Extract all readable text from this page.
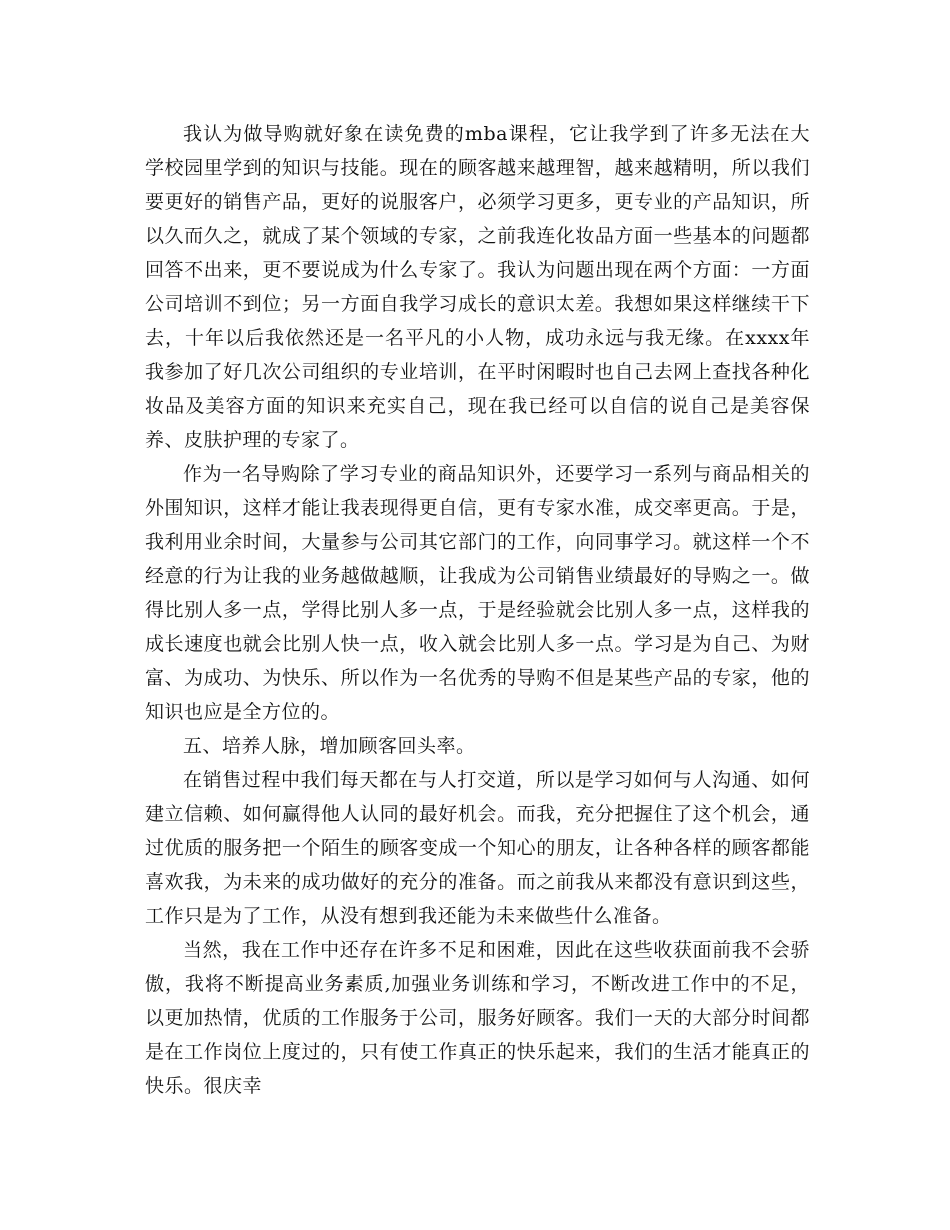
我认为做导购就好象在读免费的mba课程，它让我学到了许多无法在大学校园里学到的知识与技能。现在的顾客越来越理智，越来越精明，所以我们要更好的销售产品，更好的说服客户，必须学习更多，更专业的产品知识，所以久而久之，就成了某个领域的专家，之前我连化妆品方面一些基本的问题都回答不出来，更不要说成为什么专家了。我认为问题出现在两个方面：一方面公司培训不到位；另一方面自我学习成长的意识太差。我想如果这样继续干下去，十年以后我依然还是一名平凡的小人物，成功永远与我无缘。在xxxx年我参加了好几次公司组织的专业培训，在平时闲暇时也自己去网上查找各种化妆品及美容方面的知识来充实自己，现在我已经可以自信的说自己是美容保养、皮肤护理的专家了。

作为一名导购除了学习专业的商品知识外，还要学习一系列与商品相关的外围知识，这样才能让我表现得更自信，更有专家水准，成交率更高。于是，我利用业余时间，大量参与公司其它部门的工作，向同事学习。就这样一个不经意的行为让我的业务越做越顺，让我成为公司销售业绩最好的导购之一。做得比别人多一点，学得比别人多一点，于是经验就会比别人多一点，这样我的成长速度也就会比别人快一点，收入就会比别人多一点。学习是为自己、为财富、为成功、为快乐、所以作为一名优秀的导购不但是某些产品的专家，他的知识也应是全方位的。

五、培养人脉，增加顾客回头率。

在销售过程中我们每天都在与人打交道，所以是学习如何与人沟通、如何建立信赖、如何赢得他人认同的最好机会。而我，充分把握住了这个机会，通过优质的服务把一个陌生的顾客变成一个知心的朋友，让各种各样的顾客都能喜欢我，为未来的成功做好的充分的准备。而之前我从来都没有意识到这些，工作只是为了工作，从没有想到我还能为未来做些什么准备。

当然，我在工作中还存在许多不足和困难，因此在这些收获面前我不会骄傲，我将不断提高业务素质,加强业务训练和学习，不断改进工作中的不足，以更加热情，优质的工作服务于公司，服务好顾客。我们一天的大部分时间都是在工作岗位上度过的，只有使工作真正的快乐起来，我们的生活才能真正的快乐。很庆幸
